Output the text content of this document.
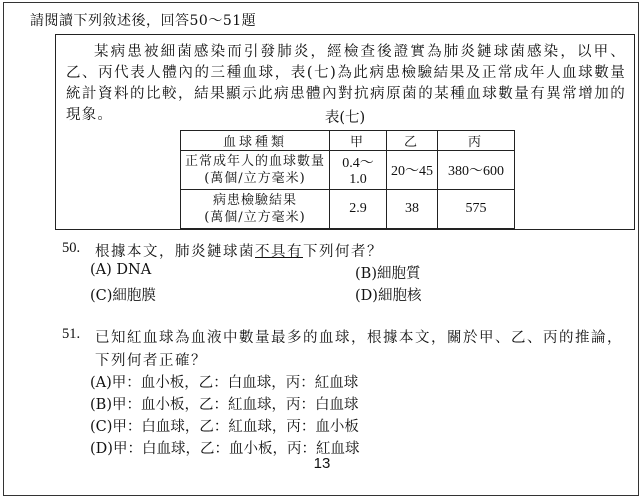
請閱讀下列敘述後，回答50～51題

某病患被細菌感染而引發肺炎，經檢查後證實為肺炎鏈球菌感染，以甲、乙、丙代表人體內的三種血球，表(七)為此病患檢驗結果及正常成年人血球數量統計資料的比較，結果顯示此病患體內對抗病原菌的某種血球數量有異常增加的現象。	表(七)
血球種類	甲	乙	丙

正常成年人的血球數量
(萬個/立方毫米)	0.4～1.0	20～45	380～600

病患檢驗結果
(萬個/立方毫米)	2.9	38	575
50. 根據本文，肺炎鏈球菌不具有下列何者？
(A) DNA	(B)細胞質
(C)細胞膜	(D)細胞核
51. 已知紅血球為血液中數量最多的血球，根據本文，關於甲、乙、丙的推論，
下列何者正確？
(A)甲：血小板，乙：白血球，丙：紅血球
(B)甲：血小板，乙：紅血球，丙：白血球
(C)甲：白血球，乙：紅血球，丙：血小板
(D)甲：白血球，乙：血小板，丙：紅血球
13
